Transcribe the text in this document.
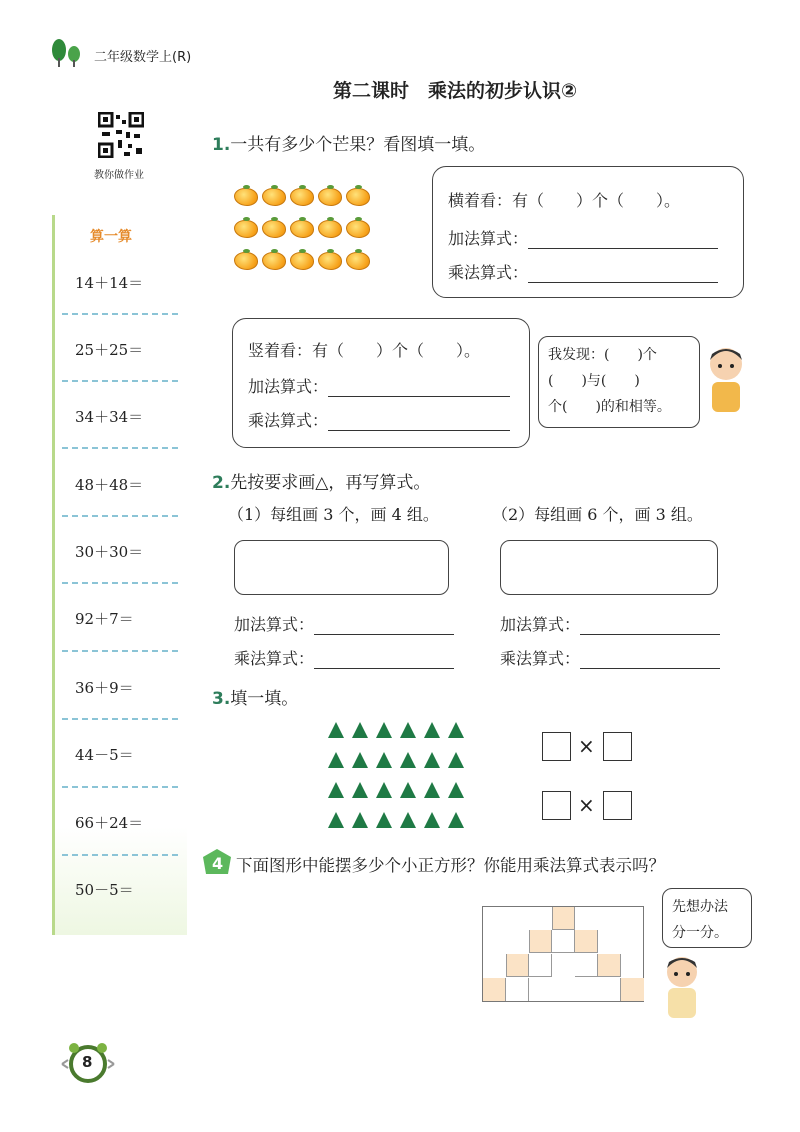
二年级数学上(R)
第二课时　乘法的初步认识②
教你做作业
算一算
14＋14＝
25＋25＝
34＋34＝
48＋48＝
30＋30＝
92＋7＝
36＋9＝
44－5＝
66＋24＝
50－5＝
1.一共有多少个芒果？看图填一填。
横着看：有（　　）个（　　）。
加法算式：
乘法算式：
竖着看：有（　　）个（　　）。
加法算式：
乘法算式：
我发现：(　　)个
(　　)与(　　)
个(　　)的和相等。
2.先按要求画△，再写算式。
（1）每组画 3 个，画 4 组。	（2）每组画 6 个，画 3 组。
加法算式：
乘法算式：
加法算式：
乘法算式：
3.填一填。
×
×
4 下面图形中能摆多少个小正方形？你能用乘法算式表示吗？
先想办法
分一分。
8
